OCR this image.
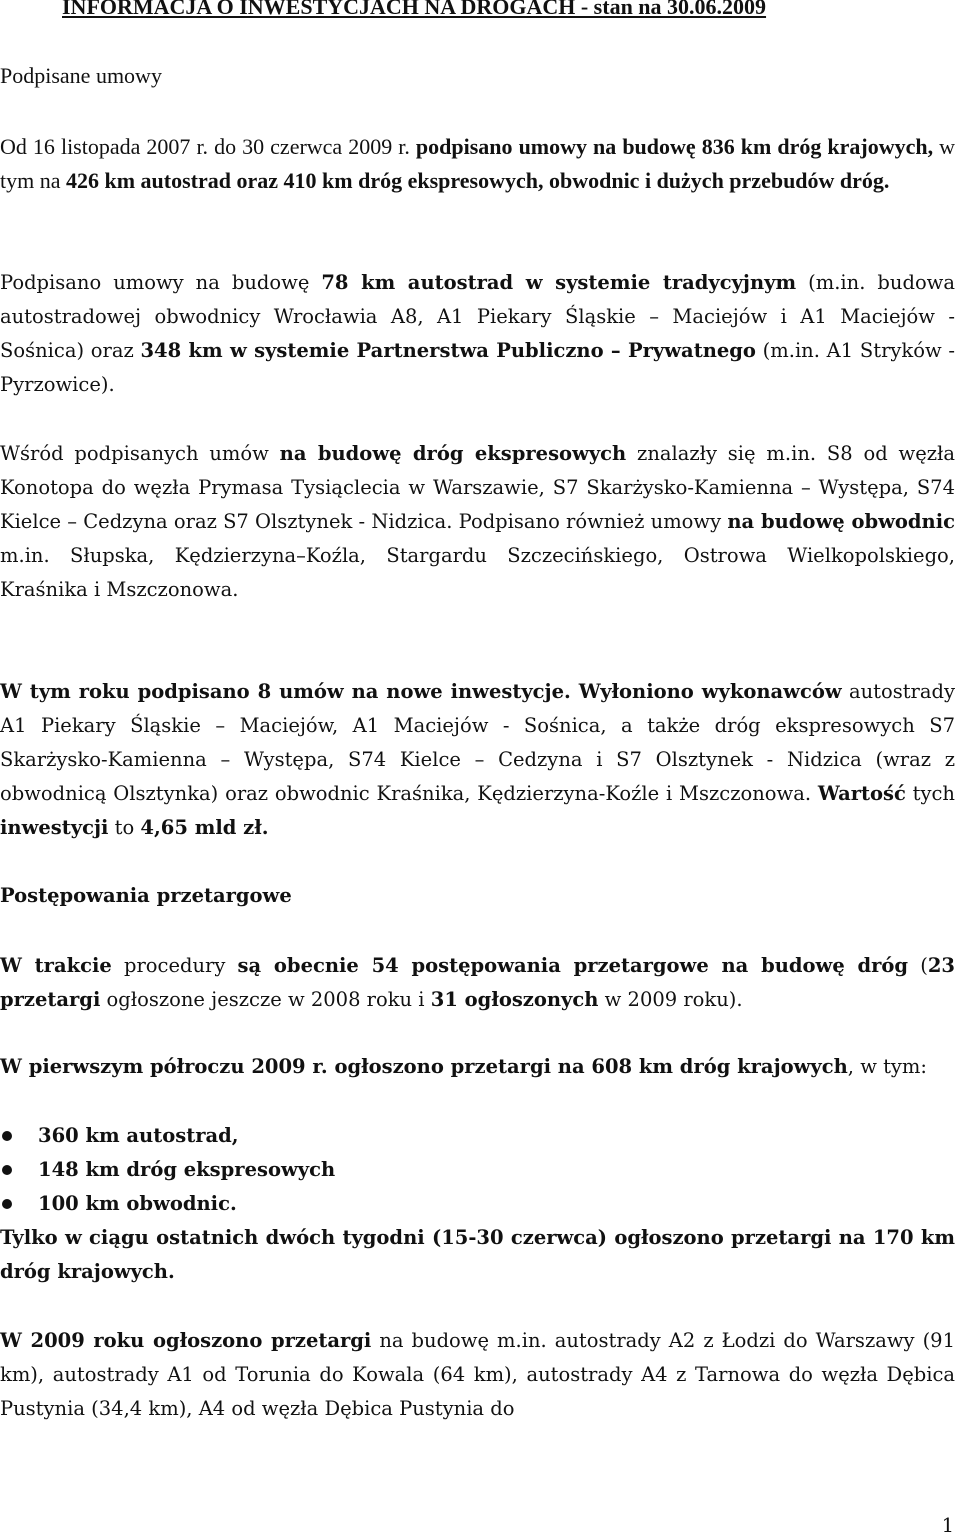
INFORMACJA O INWESTYCJACH NA DROGACH - stan na 30.06.2009
Podpisane umowy

Od 16 listopada 2007 r. do 30 czerwca 2009 r. podpisano umowy na budowę 836 km dróg krajowych, w tym na 426 km autostrad oraz 410 km dróg ekspresowych, obwodnic i dużych przebudów dróg.

Podpisano umowy na budowę 78 km autostrad w systemie tradycyjnym (m.in. budowa autostradowej obwodnicy Wrocławia A8, A1 Piekary Śląskie – Maciejów i A1 Maciejów - Sośnica) oraz 348 km w systemie Partnerstwa Publiczno – Prywatnego (m.in. A1 Stryków - Pyrzowice).

Wśród podpisanych umów na budowę dróg ekspresowych znalazły się m.in. S8 od węzła Konotopa do węzła Prymasa Tysiąclecia w Warszawie, S7 Skarżysko-Kamienna – Występa, S74 Kielce – Cedzyna oraz S7 Olsztynek - Nidzica. Podpisano również umowy na budowę obwodnic m.in. Słupska, Kędzierzyna–Koźla, Stargardu Szczecińskiego, Ostrowa Wielkopolskiego, Kraśnika i Mszczonowa.

W tym roku podpisano 8 umów na nowe inwestycje. Wyłoniono wykonawców autostrady A1 Piekary Śląskie – Maciejów, A1 Maciejów - Sośnica, a także dróg ekspresowych S7 Skarżysko-Kamienna – Występa, S74 Kielce – Cedzyna i S7 Olsztynek - Nidzica (wraz z obwodnicą Olsztynka) oraz obwodnic Kraśnika, Kędzierzyna-Koźle i Mszczonowa. Wartość tych inwestycji to 4,65 mld zł.

Postępowania przetargowe

W trakcie procedury są obecnie 54 postępowania przetargowe na budowę dróg (23 przetargi ogłoszone jeszcze w 2008 roku i 31 ogłoszonych w 2009 roku).

W pierwszym półroczu 2009 r. ogłoszono przetargi na 608 km dróg krajowych, w tym:

360 km autostrad,
148 km dróg ekspresowych
100 km obwodnic.

Tylko w ciągu ostatnich dwóch tygodni (15-30 czerwca) ogłoszono przetargi na 170 km dróg krajowych.

W 2009 roku ogłoszono przetargi na budowę m.in. autostrady A2 z Łodzi do Warszawy (91 km), autostrady A1 od Torunia do Kowala (64 km), autostrady A4 z Tarnowa do węzła Dębica Pustynia (34,4 km), A4 od węzła Dębica Pustynia do

1
